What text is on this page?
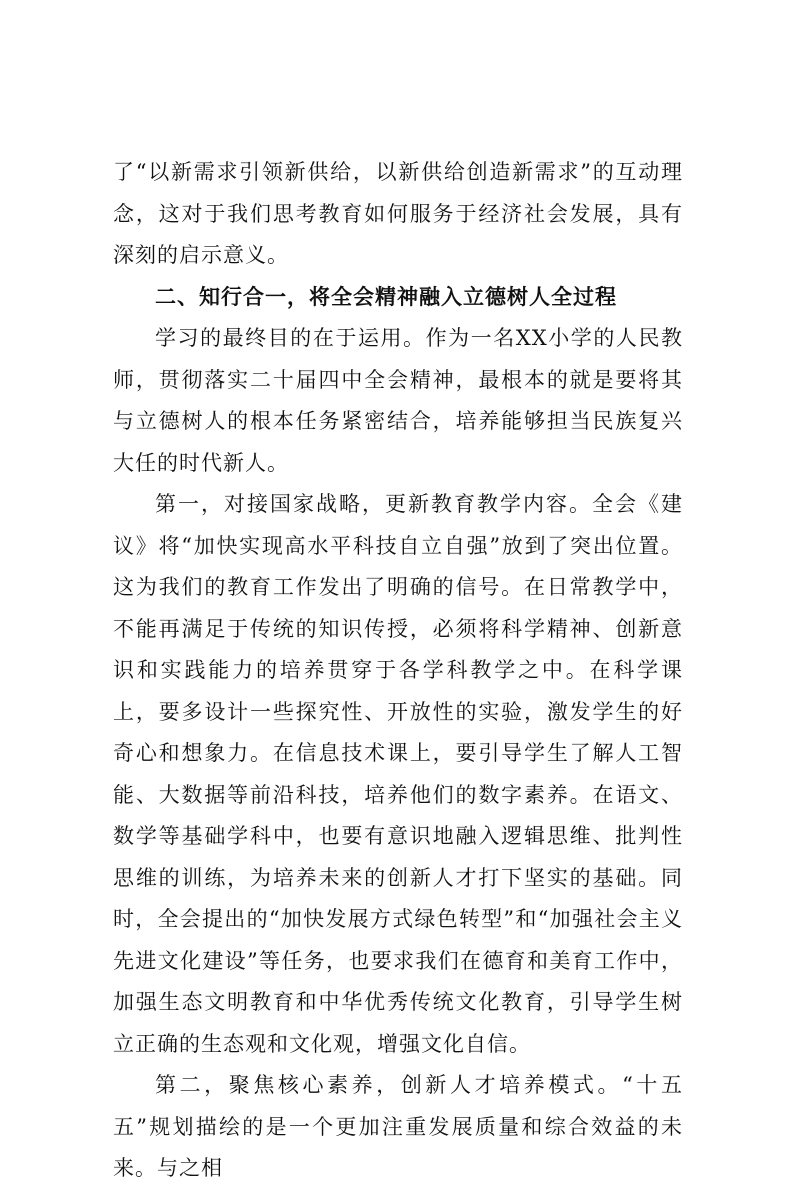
了“以新需求引领新供给，以新供给创造新需求”的互动理念，这对于我们思考教育如何服务于经济社会发展，具有深刻的启示意义。

二、知行合一，将全会精神融入立德树人全过程

学习的最终目的在于运用。作为一名XX小学的人民教师，贯彻落实二十届四中全会精神，最根本的就是要将其与立德树人的根本任务紧密结合，培养能够担当民族复兴大任的时代新人。

第一，对接国家战略，更新教育教学内容。全会《建议》将“加快实现高水平科技自立自强”放到了突出位置。这为我们的教育工作发出了明确的信号。在日常教学中，不能再满足于传统的知识传授，必须将科学精神、创新意识和实践能力的培养贯穿于各学科教学之中。在科学课上，要多设计一些探究性、开放性的实验，激发学生的好奇心和想象力。在信息技术课上，要引导学生了解人工智能、大数据等前沿科技，培养他们的数字素养。在语文、数学等基础学科中，也要有意识地融入逻辑思维、批判性思维的训练，为培养未来的创新人才打下坚实的基础。同时，全会提出的“加快发展方式绿色转型”和“加强社会主义先进文化建设”等任务，也要求我们在德育和美育工作中，加强生态文明教育和中华优秀传统文化教育，引导学生树立正确的生态观和文化观，增强文化自信。

第二，聚焦核心素养，创新人才培养模式。“十五五”规划描绘的是一个更加注重发展质量和综合效益的未来。与之相
